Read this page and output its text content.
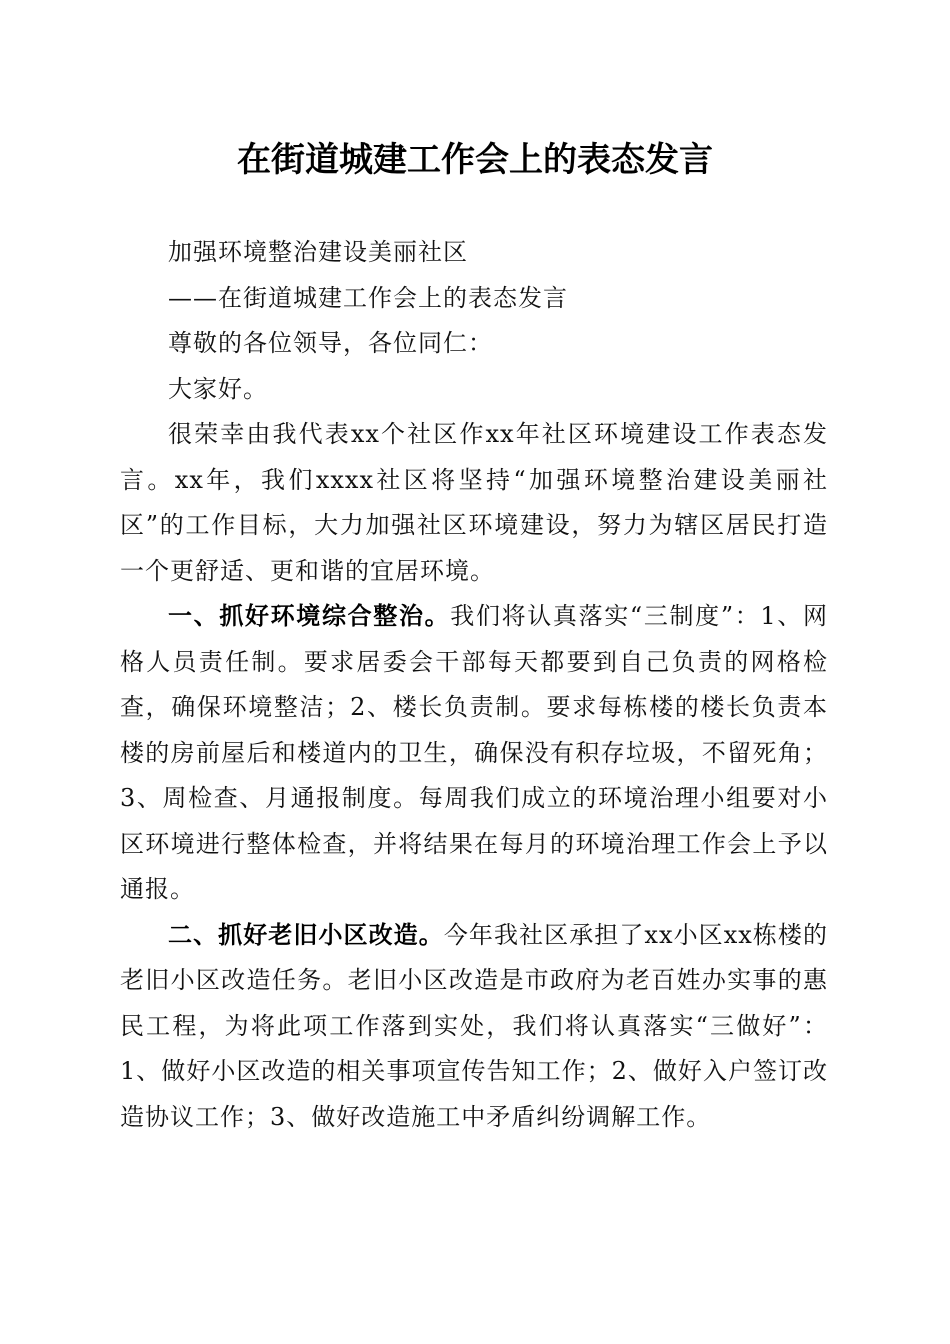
在街道城建工作会上的表态发言

加强环境整治建设美丽社区

——在街道城建工作会上的表态发言

尊敬的各位领导，各位同仁：

大家好。

很荣幸由我代表xx个社区作xx年社区环境建设工作表态发言。xx年，我们xxxx社区将坚持“加强环境整治建设美丽社区”的工作目标，大力加强社区环境建设，努力为辖区居民打造一个更舒适、更和谐的宜居环境。

一、抓好环境综合整治。我们将认真落实“三制度”：1、网格人员责任制。要求居委会干部每天都要到自己负责的网格检查，确保环境整洁；2、楼长负责制。要求每栋楼的楼长负责本楼的房前屋后和楼道内的卫生，确保没有积存垃圾，不留死角；3、周检查、月通报制度。每周我们成立的环境治理小组要对小区环境进行整体检查，并将结果在每月的环境治理工作会上予以通报。

二、抓好老旧小区改造。今年我社区承担了xx小区xx栋楼的老旧小区改造任务。老旧小区改造是市政府为老百姓办实事的惠民工程，为将此项工作落到实处，我们将认真落实“三做好”：1、做好小区改造的相关事项宣传告知工作；2、做好入户签订改造协议工作；3、做好改造施工中矛盾纠纷调解工作。
